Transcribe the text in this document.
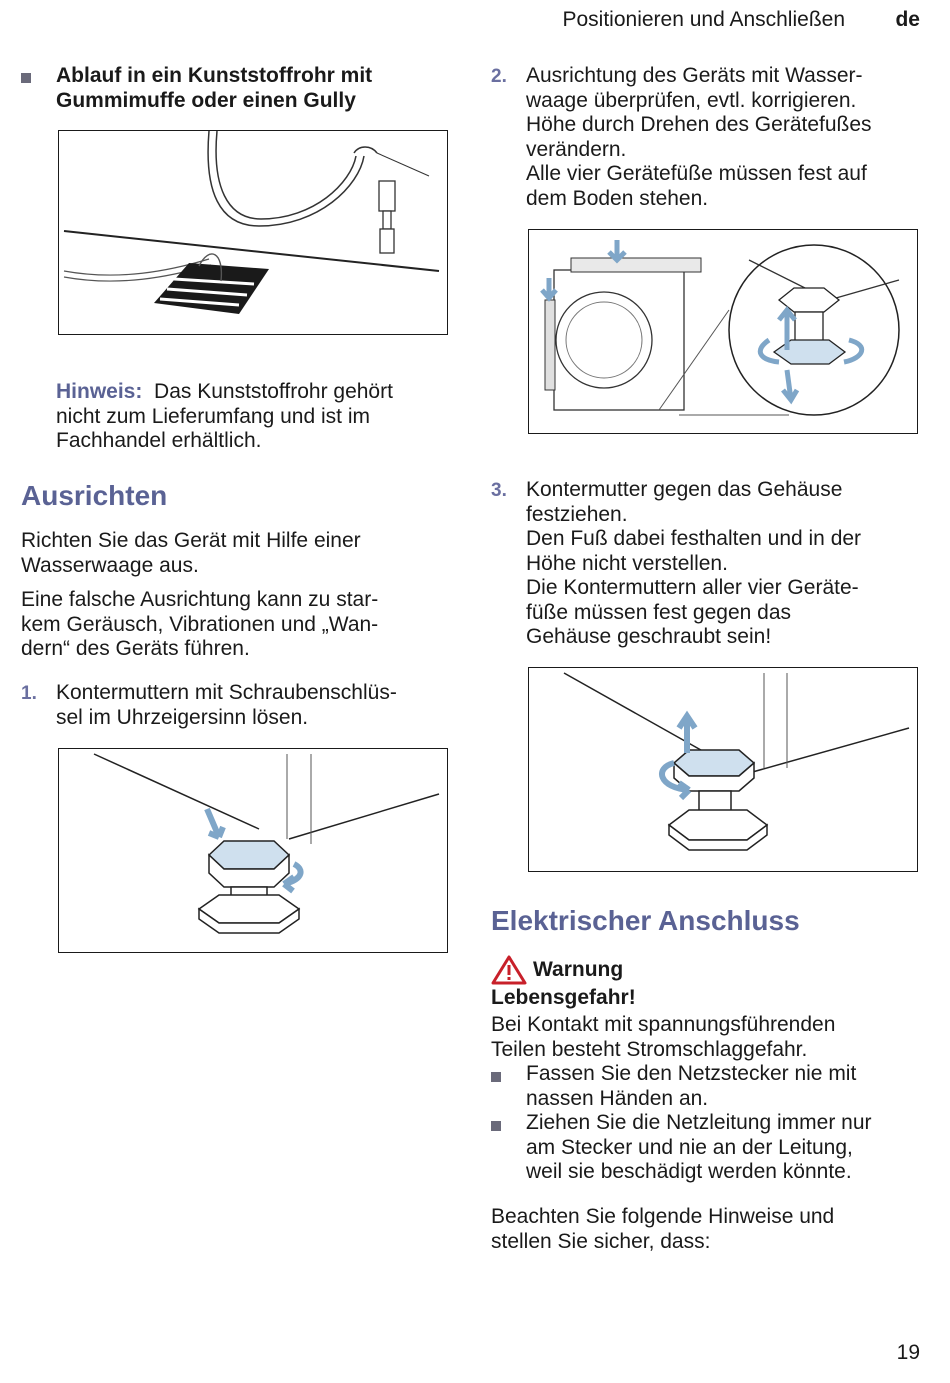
Positionieren und Anschließen de
Ablauf in ein Kunststoffrohr mit
Gummimuffe oder einen Gully
Hinweis: Das Kunststoffrohr gehört
nicht zum Lieferumfang und ist im
Fachhandel erhältlich.
Ausrichten
Richten Sie das Gerät mit Hilfe einer
Wasserwaage aus.
Eine falsche Ausrichtung kann zu star-
kem Geräusch, Vibrationen und „Wan-
dern“ des Geräts führen.
1. Kontermuttern mit Schraubenschlüs-
sel im Uhrzeigersinn lösen.
2. Ausrichtung des Geräts mit Wasser-
waage überprüfen, evtl. korrigieren.
Höhe durch Drehen des Gerätefußes
verändern.
Alle vier Gerätefüße müssen fest auf
dem Boden stehen.
3. Kontermutter gegen das Gehäuse
festziehen.
Den Fuß dabei festhalten und in der
Höhe nicht verstellen.
Die Kontermuttern aller vier Geräte-
füße müssen fest gegen das
Gehäuse geschraubt sein!
Elektrischer Anschluss
Warnung
Lebensgefahr!
Bei Kontakt mit spannungsführenden
Teilen besteht Stromschlaggefahr.
Fassen Sie den Netzstecker nie mit
nassen Händen an.
Ziehen Sie die Netzleitung immer nur
am Stecker und nie an der Leitung,
weil sie beschädigt werden könnte.
Beachten Sie folgende Hinweise und
stellen Sie sicher, dass:
19
